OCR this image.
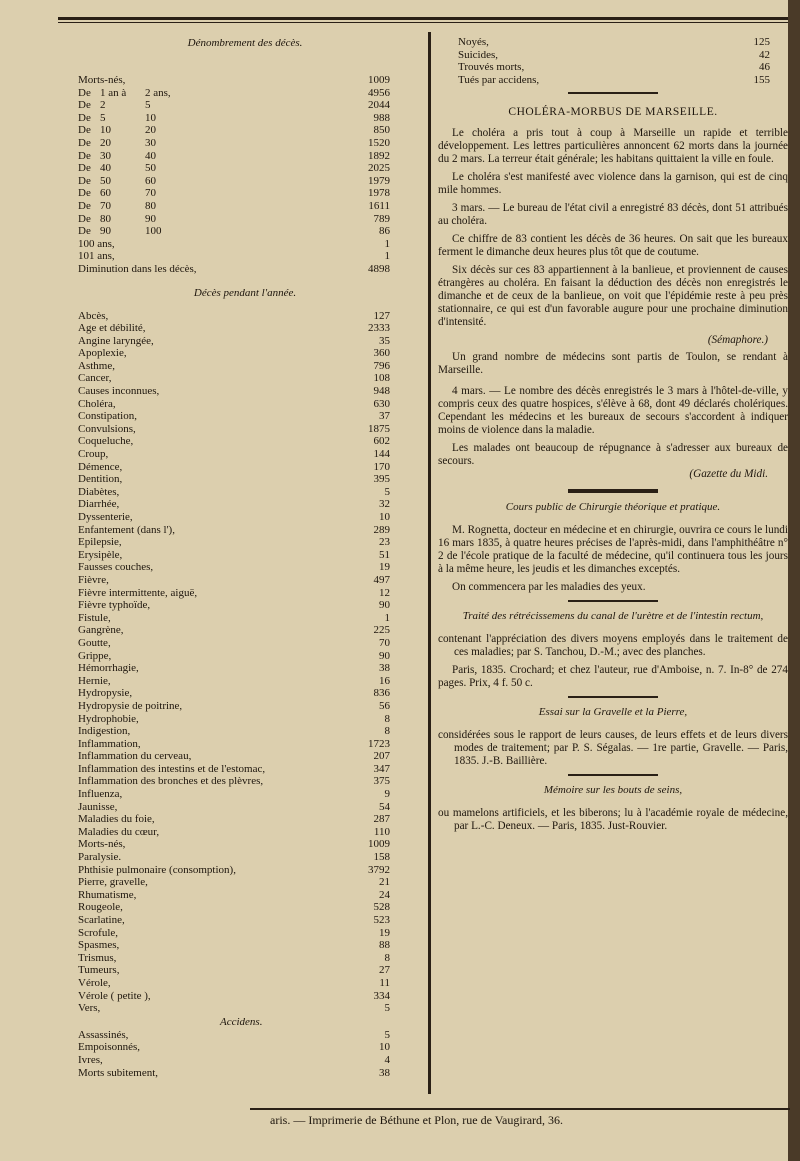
Dénombrement des décès.
Morts-nés,	1009
De 1 an à 2 ans,	4956
De 2	5	2044
De 5	10	988
De 10	20	850
De 20	30	1520
De 30	40	1892
De 40	50	2025
De 50	60	1979
De 60	70	1978
De 70	80	1611
De 80	90	789
De 90	100	86
100 ans,	1
101 ans,	1
Diminution dans les décès,	4898
Décès pendant l'année.
Abcès,	127
Age et débilité,	2333
Angine laryngée,	35
Apoplexie,	360
Asthme,	796
Cancer,	108
Causes inconnues,	948
Choléra,	630
Constipation,	37
Convulsions,	1875
Coqueluche,	602
Croup,	144
Démence,	170
Dentition,	395
Diabètes,	5
Diarrhée,	32
Dyssenterie,	10
Enfantement (dans l'),	289
Epilepsie,	23
Erysipèle,	51
Fausses couches,	19
Fièvre,	497
Fièvre intermittente, aiguë,	12
Fièvre typhoïde,	90
Fistule,	1
Gangrène,	225
Goutte,	70
Grippe,	90
Hémorrhagie,	38
Hernie,	16
Hydropysie,	836
Hydropysie de poitrine,	56
Hydrophobie,	8
Indigestion,	8
Inflammation,	1723
Inflammation du cerveau,	207
Inflammation des intestins et de l'estomac,	347
Inflammation des bronches et des plèvres,	375
Influenza,	9
Jaunisse,	54
Maladies du foie,	287
Maladies du cœur,	110
Morts-nés,	1009
Paralysie.	158
Phthisie pulmonaire (consomption),	3792
Pierre, gravelle,	21
Rhumatisme,	24
Rougeole,	528
Scarlatine,	523
Scrofule,	19
Spasmes,	88
Trismus,	8
Tumeurs,	27
Vérole,	11
Vérole ( petite ),	334
Vers,	5
Accidens.
Assassinés,	5
Empoisonnés,	10
Ivres,	4
Morts subitement,	38
Noyés,	125
Suicides,	42
Trouvés morts,	46
Tués par accidens,	155
CHOLÉRA-MORBUS DE MARSEILLE.

Le choléra a pris tout à coup à Marseille un rapide et terrible développement. Les lettres particulières annoncent 62 morts dans la journée du 2 mars. La terreur était générale; les habitans quittaient la ville en foule.

Le choléra s'est manifesté avec violence dans la garnison, qui est de cinq mile hommes.

3 mars. — Le bureau de l'état civil a enregistré 83 décès, dont 51 attribués au choléra.

Ce chiffre de 83 contient les décès de 36 heures. On sait que les bureaux ferment le dimanche deux heures plus tôt que de coutume.

Six décès sur ces 83 appartiennent à la banlieue, et proviennent de causes étrangères au choléra. En faisant la déduction des décès non enregistrés le dimanche et de ceux de la banlieue, on voit que l'épidémie reste à peu près stationnaire, ce qui est d'un favorable augure pour une prochaine diminution d'intensité.

(Sémaphore.)

Un grand nombre de médecins sont partis de Toulon, se rendant à Marseille.

4 mars. — Le nombre des décès enregistrés le 3 mars à l'hôtel-de-ville, y compris ceux des quatre hospices, s'élève à 68, dont 49 déclarés cholériques. Cependant les médecins et les bureaux de secours s'accordent à indiquer moins de violence dans la maladie.

Les malades ont beaucoup de répugnance à s'adresser aux bureaux de secours.

(Gazette du Midi.
Cours public de Chirurgie théorique et pratique.

M. Rognetta, docteur en médecine et en chirurgie, ouvrira ce cours le lundi 16 mars 1835, à quatre heures précises de l'après-midi, dans l'amphithéâtre n° 2 de l'école pratique de la faculté de médecine, qu'il continuera tous les jours à la même heure, les jeudis et les dimanches exceptés.

On commencera par les maladies des yeux.

Traité des rétrécissemens du canal de l'urètre et de l'intestin rectum,

contenant l'appréciation des divers moyens employés dans le traitement de ces maladies; par S. Tanchou, D.-M.; avec des planches.

Paris, 1835. Crochard; et chez l'auteur, rue d'Amboise, n. 7. In-8° de 274 pages. Prix, 4 f. 50 c.

Essai sur la Gravelle et la Pierre,

considérées sous le rapport de leurs causes, de leurs effets et de leurs divers modes de traitement; par P. S. Ségalas. — 1re partie, Gravelle. — Paris, 1835. J.-B. Baillière.

Mémoire sur les bouts de seins,

ou mamelons artificiels, et les biberons; lu à l'académie royale de médecine, par L.-C. Deneux. — Paris, 1835. Just-Rouvier.

aris. — Imprimerie de Béthune et Plon, rue de Vaugirard, 36.
